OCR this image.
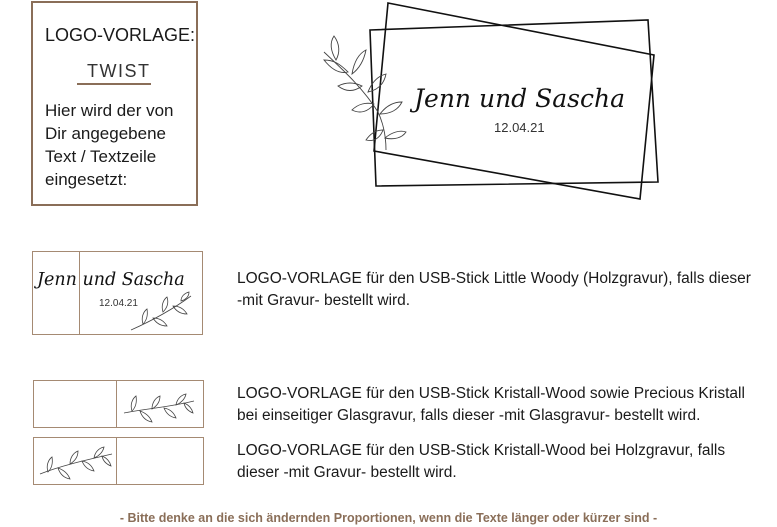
LOGO-VORLAGE:
TWIST
Hier wird der von Dir angegebene Text / Textzeile eingesetzt:
Jenn und Sascha
12.04.21
Jenn und Sascha
12.04.21
LOGO-VORLAGE für den USB-Stick Little Woody (Holzgravur), falls dieser
-mit Gravur- bestellt wird.
LOGO-VORLAGE für den USB-Stick Kristall-Wood sowie Precious Kristall
bei einseitiger Glasgravur, falls dieser -mit Glasgravur- bestellt wird.
LOGO-VORLAGE für den USB-Stick Kristall-Wood bei Holzgravur, falls
dieser -mit Gravur- bestellt wird.
- Bitte denke an die sich ändernden Proportionen, wenn die Texte länger oder kürzer sind -
